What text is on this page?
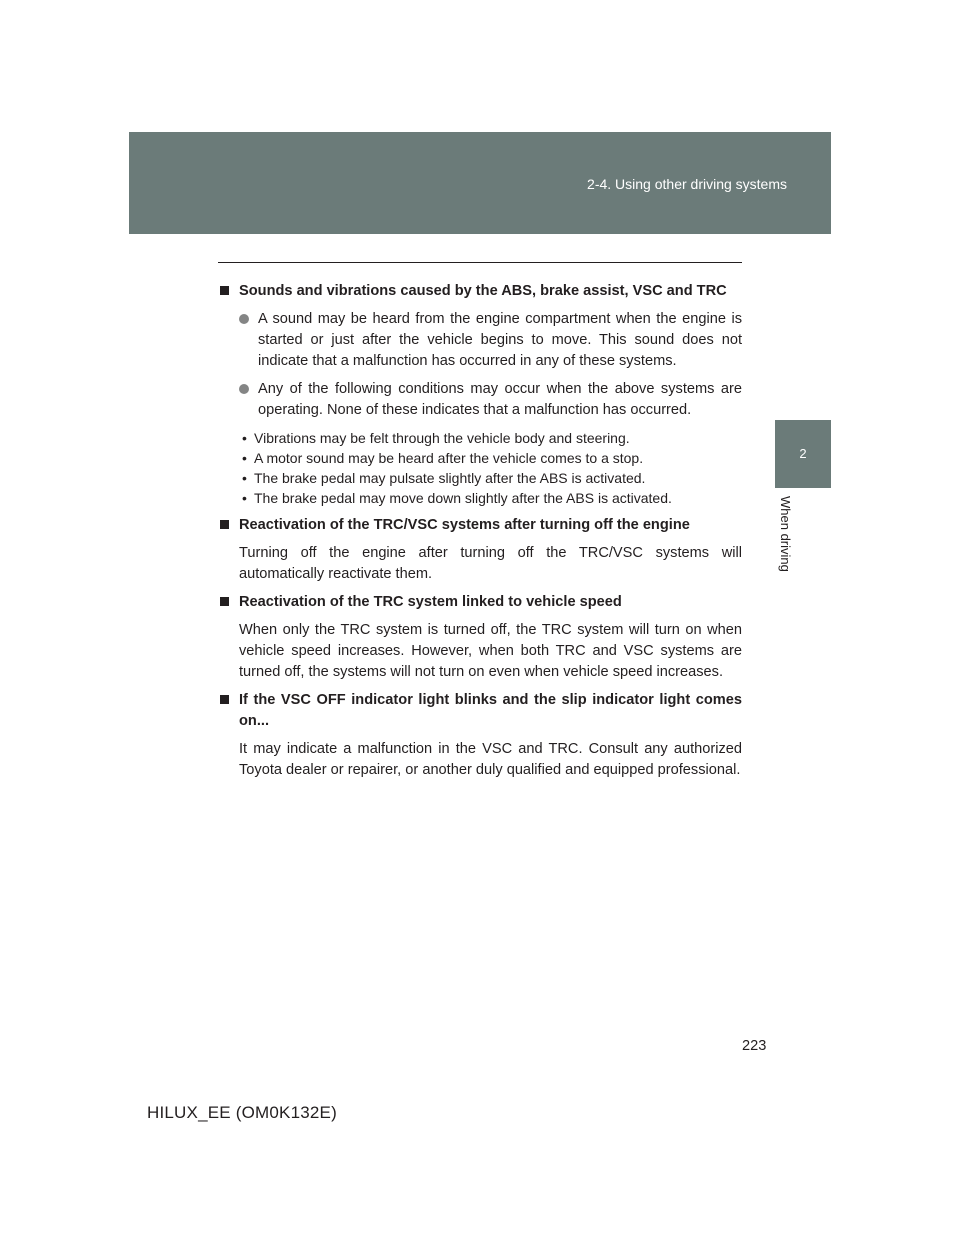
2-4. Using other driving systems
2
When driving
Sounds and vibrations caused by the ABS, brake assist, VSC and TRC
A sound may be heard from the engine compartment when the engine is started or just after the vehicle begins to move. This sound does not indicate that a malfunction has occurred in any of these systems.
Any of the following conditions may occur when the above systems are operating. None of these indicates that a malfunction has occurred.
• Vibrations may be felt through the vehicle body and steering.
• A motor sound may be heard after the vehicle comes to a stop.
• The brake pedal may pulsate slightly after the ABS is activated.
• The brake pedal may move down slightly after the ABS is activated.
Reactivation of the TRC/VSC systems after turning off the engine

Turning off the engine after turning off the TRC/VSC systems will automatically reactivate them.

Reactivation of the TRC system linked to vehicle speed

When only the TRC system is turned off, the TRC system will turn on when vehicle speed increases. However, when both TRC and VSC systems are turned off, the systems will not turn on even when vehicle speed increases.

If the VSC OFF indicator light blinks and the slip indicator light comes on...

It may indicate a malfunction in the VSC and TRC. Consult any authorized Toyota dealer or repairer, or another duly qualified and equipped professional.

223
HILUX_EE (OM0K132E)
